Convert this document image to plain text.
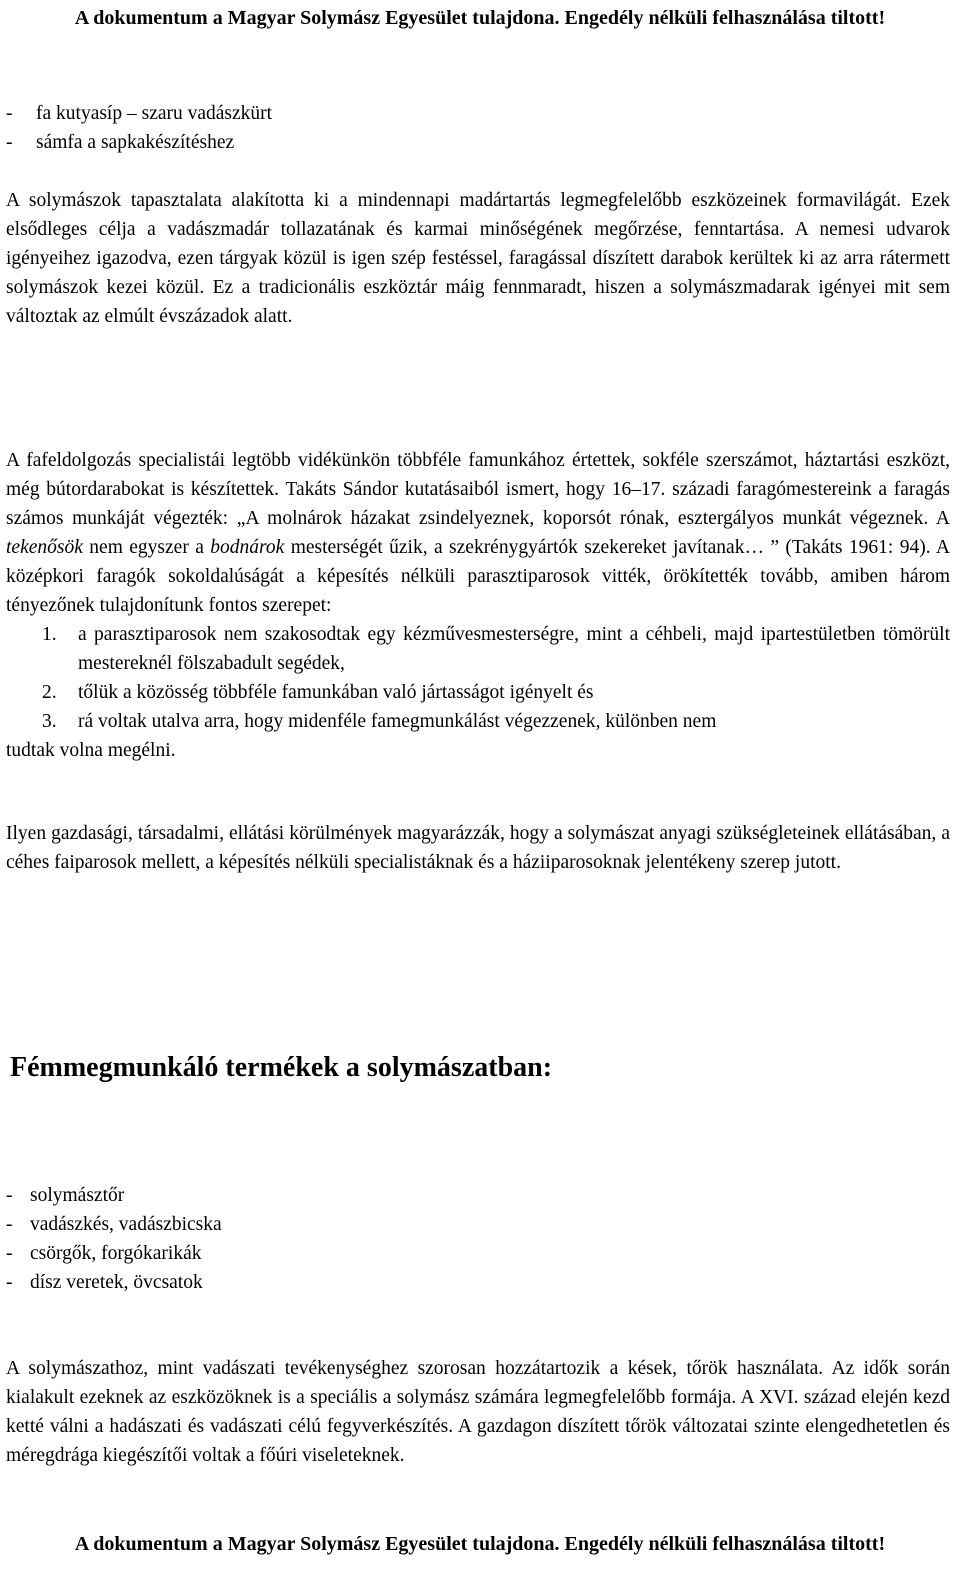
A dokumentum a Magyar Solymász Egyesület tulajdona. Engedély nélküli felhasználása tiltott!
- fa kutyasíp – szaru vadászkürt
- sámfa a sapkakészítéshez

A solymászok tapasztalata alakította ki a mindennapi madártartás legmegfelelőbb eszközeinek formavilágát. Ezek elsődleges célja a vadászmadár tollazatának és karmai minőségének megőrzése, fenntartása. A nemesi udvarok igényeihez igazodva, ezen tárgyak közül is igen szép festéssel, faragással díszített darabok kerültek ki az arra rátermett solymászok kezei közül. Ez a tradicionális eszköztár máig fennmaradt, hiszen a solymászmadarak igényei mit sem változtak az elmúlt évszázadok alatt.

A fafeldolgozás specialistái legtöbb vidékünkön többféle famunkához értettek, sokféle szerszámot, háztartási eszközt, még bútordarabokat is készítettek. Takáts Sándor kutatásaiból ismert, hogy 16–17. századi faragómestereink a faragás számos munkáját végezték: „A molnárok házakat zsindelyeznek, koporsót rónak, esztergályos munkát végeznek. A tekenősök nem egyszer a bodnárok mesterségét űzik, a szekrénygyártók szekereket javítanak… ” (Takáts 1961: 94). A középkori faragók sokoldalúságát a képesítés nélküli parasztiparosok vitték, örökítették tovább, amiben három tényezőnek tulajdonítunk fontos szerepet:

1.	a parasztiparosok nem szakosodtak egy kézművesmesterségre, mint a céhbeli, majd ipartestületben tömörült mestereknél fölszabadult segédek,
2.	tőlük a közösség többféle famunkában való jártasságot igényelt és
3.	rá voltak utalva arra, hogy midenféle famegmunkálást végezzenek, különben nem

tudtak volna megélni.

Ilyen gazdasági, társadalmi, ellátási körülmények magyarázzák, hogy a solymászat anyagi szükségleteinek ellátásában, a céhes faiparosok mellett, a képesítés nélküli specialistáknak és a háziiparosoknak jelentékeny szerep jutott.

Fémmegmunkáló termékek a solymászatban:
- solymásztőr
- vadászkés, vadászbicska
- csörgők, forgókarikák
- dísz veretek, övcsatok

A solymászathoz, mint vadászati tevékenységhez szorosan hozzátartozik a kések, tőrök használata. Az idők során kialakult ezeknek az eszközöknek is a speciális a solymász számára legmegfelelőbb formája. A XVI. század elején kezd ketté válni a hadászati és vadászati célú fegyverkészítés. A gazdagon díszített tőrök változatai szinte elengedhetetlen és méregdrága kiegészítői voltak a főúri viseleteknek.

A dokumentum a Magyar Solymász Egyesület tulajdona. Engedély nélküli felhasználása tiltott!
